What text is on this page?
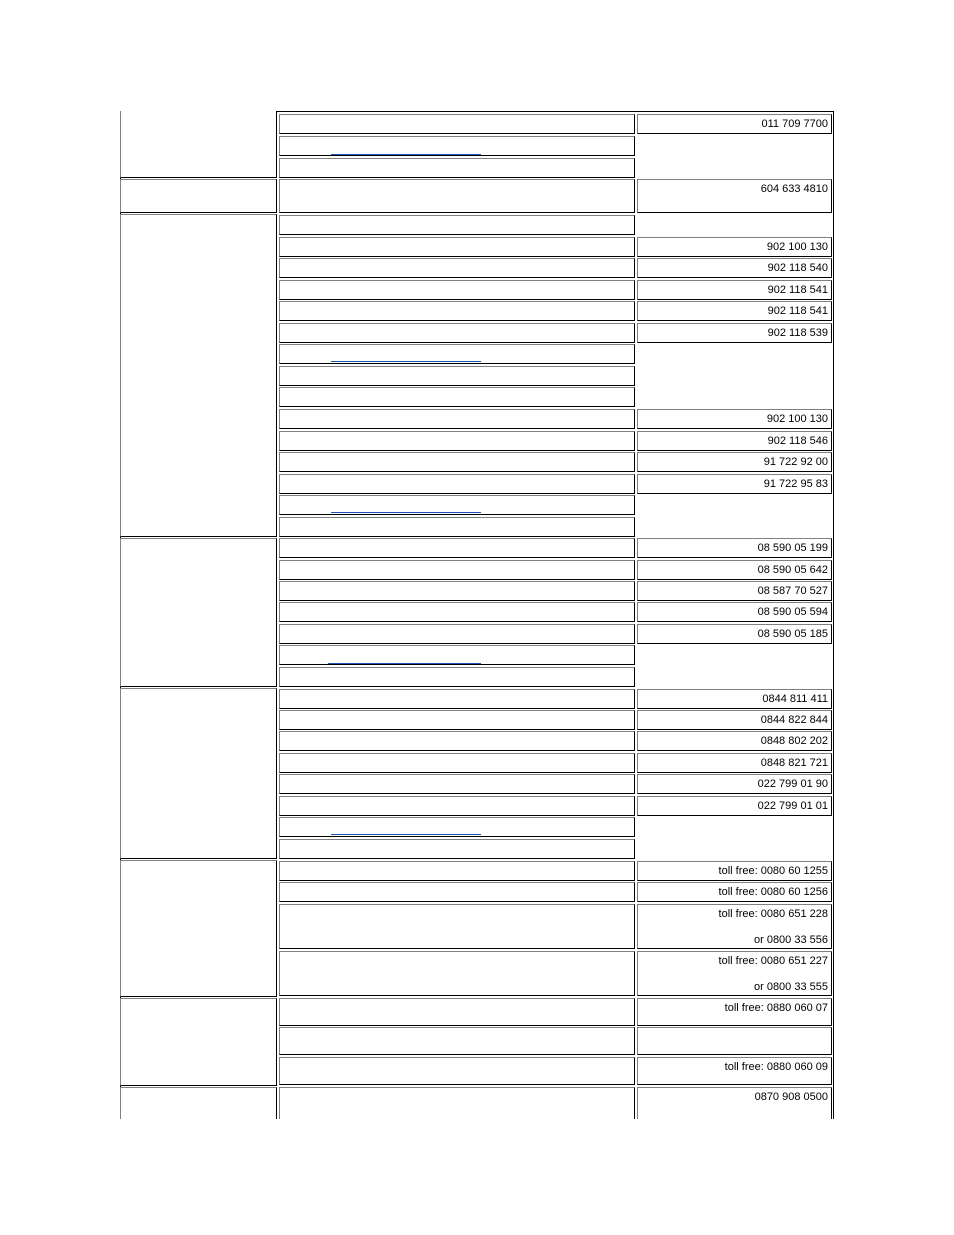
011 709 7700
604 633 4810
902 100 130
902 118 540
902 118 541
902 118 541
902 118 539
902 100 130
902 118 546
91 722 92 00
91 722 95 83
08 590 05 199
08 590 05 642
08 587 70 527
08 590 05 594
08 590 05 185
0844 811 411
0844 822 844
0848 802 202
0848 821 721
022 799 01 90
022 799 01 01
toll free: 0080 60 1255
toll free: 0080 60 1256
toll free: 0080 651 228
or 0800 33 556
toll free: 0080 651 227
or 0800 33 555
toll free: 0880 060 07
toll free: 0880 060 09
0870 908 0500
